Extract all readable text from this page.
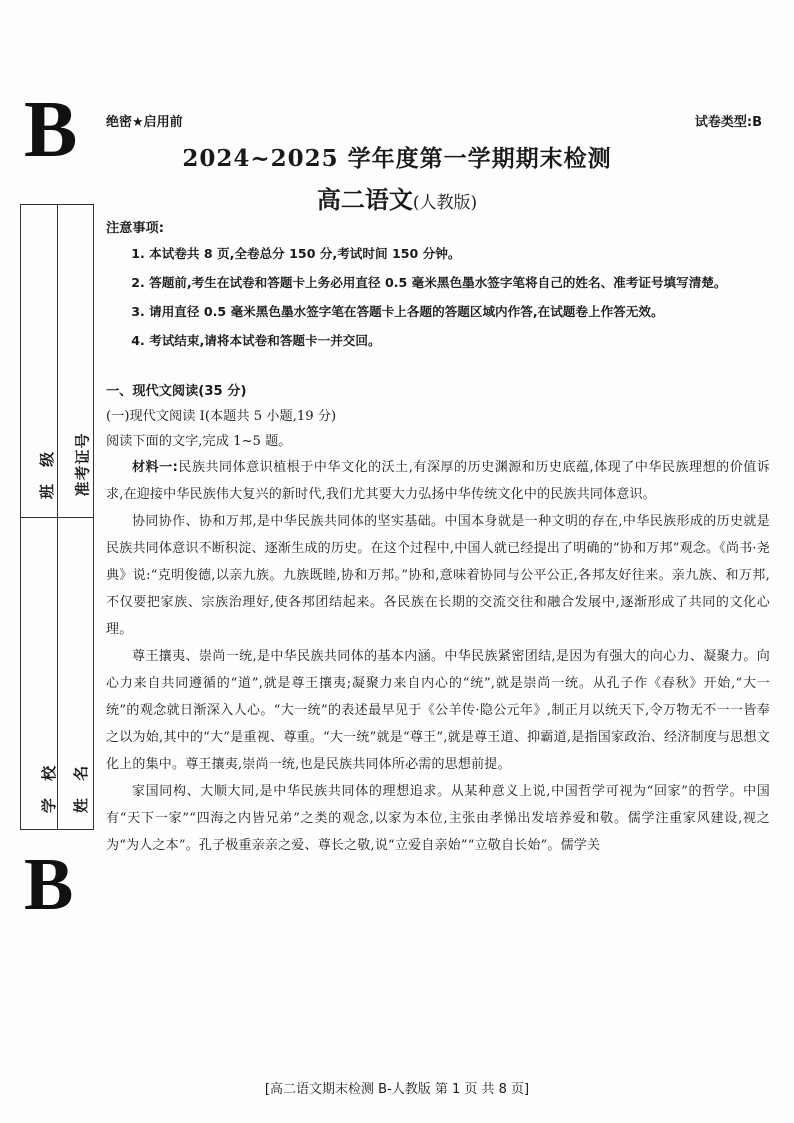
B 绝密★启用前	试卷类型:B
2024~2025 学年度第一学期期末检测
高二语文(人教版)
班 级 准考证号
学 校 姓 名
B

注意事项:

1. 本试卷共 8 页,全卷总分 150 分,考试时间 150 分钟。

2. 答题前,考生在试卷和答题卡上务必用直径 0.5 毫米黑色墨水签字笔将自己的姓名、准考证号填写清楚。

3. 请用直径 0.5 毫米黑色墨水签字笔在答题卡上各题的答题区域内作答,在试题卷上作答无效。

4. 考试结束,请将本试卷和答题卡一并交回。

一、现代文阅读(35 分)

(一)现代文阅读 I(本题共 5 小题,19 分)

阅读下面的文字,完成 1~5 题。

材料一:民族共同体意识植根于中华文化的沃土,有深厚的历史渊源和历史底蕴,体现了中华民族理想的价值诉求,在迎接中华民族伟大复兴的新时代,我们尤其要大力弘扬中华传统文化中的民族共同体意识。

协同协作、协和万邦,是中华民族共同体的坚实基础。中国本身就是一种文明的存在,中华民族形成的历史就是民族共同体意识不断积淀、逐渐生成的历史。在这个过程中,中国人就已经提出了明确的“协和万邦”观念。《尚书·尧典》说:“克明俊德,以亲九族。九族既睦,协和万邦。”协和,意味着协同与公平公正,各邦友好往来。亲九族、和万邦,不仅要把家族、宗族治理好,使各邦团结起来。各民族在长期的交流交往和融合发展中,逐渐形成了共同的文化心理。

尊王攘夷、崇尚一统,是中华民族共同体的基本内涵。中华民族紧密团结,是因为有强大的向心力、凝聚力。向心力来自共同遵循的“道”,就是尊王攘夷;凝聚力来自内心的“统”,就是崇尚一统。从孔子作《春秋》开始,“大一统”的观念就日渐深入人心。“大一统”的表述最早见于《公羊传·隐公元年》,制正月以统天下,令万物无不一一皆奉之以为始,其中的“大”是重视、尊重。“大一统”就是“尊王”,就是尊王道、抑霸道,是指国家政治、经济制度与思想文化上的集中。尊王攘夷,崇尚一统,也是民族共同体所必需的思想前提。

家国同构、大顺大同,是中华民族共同体的理想追求。从某种意义上说,中国哲学可视为“回家”的哲学。中国有“天下一家”“四海之内皆兄弟”之类的观念,以家为本位,主张由孝悌出发培养爱和敬。儒学注重家风建设,视之为“为人之本”。孔子极重亲亲之爱、尊长之敬,说“立爱自亲始”“立敬自长始”。儒学关

[高二语文期末检测 B-人教版 第 1 页 共 8 页]
